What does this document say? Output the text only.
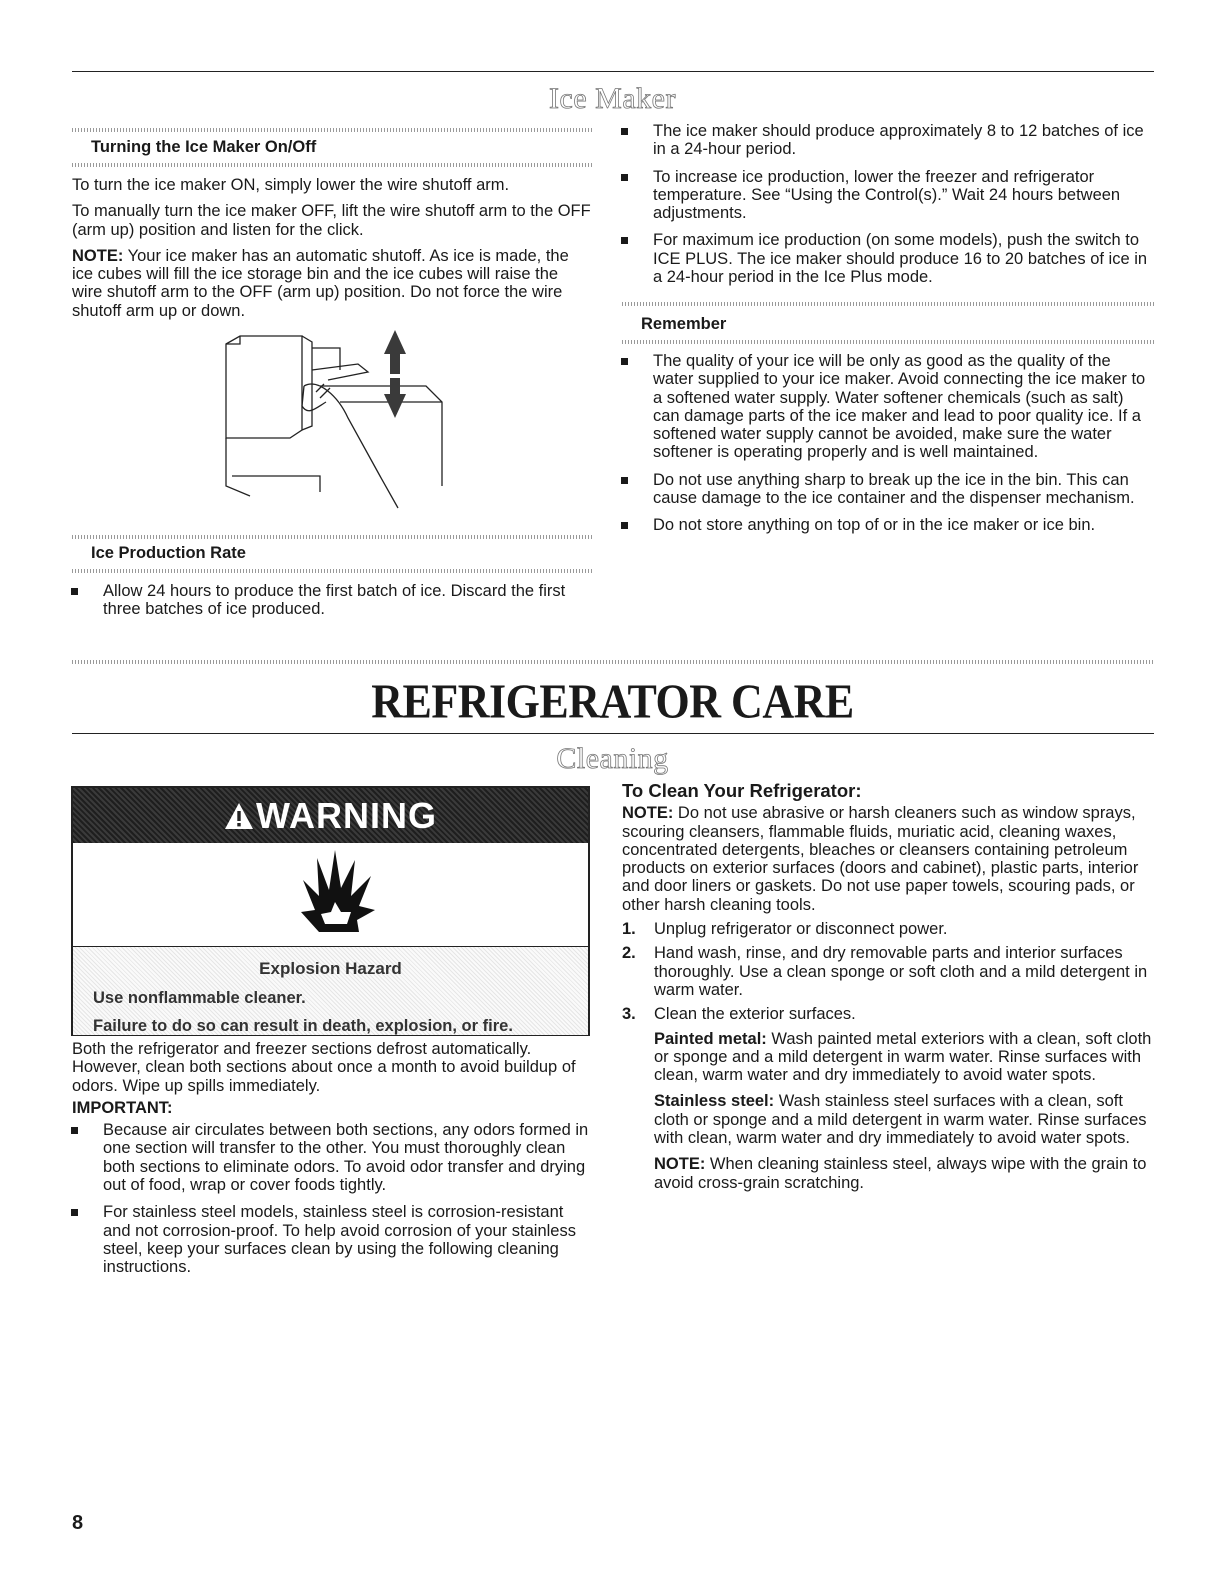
Ice Maker
Turning the Ice Maker On/Off

To turn the ice maker ON, simply lower the wire shutoff arm.

To manually turn the ice maker OFF, lift the wire shutoff arm to the OFF (arm up) position and listen for the click.

NOTE: Your ice maker has an automatic shutoff. As ice is made, the ice cubes will fill the ice storage bin and the ice cubes will raise the wire shutoff arm to the OFF (arm up) position. Do not force the wire shutoff arm up or down.

Ice Production Rate
Allow 24 hours to produce the first batch of ice. Discard the first three batches of ice produced.
The ice maker should produce approximately 8 to 12 batches of ice in a 24-hour period.
To increase ice production, lower the freezer and refrigerator temperature. See “Using the Control(s).” Wait 24 hours between adjustments.
For maximum ice production (on some models), push the switch to ICE PLUS. The ice maker should produce 16 to 20 batches of ice in a 24-hour period in the Ice Plus mode.
Remember
The quality of your ice will be only as good as the quality of the water supplied to your ice maker. Avoid connecting the ice maker to a softened water supply. Water softener chemicals (such as salt) can damage parts of the ice maker and lead to poor quality ice. If a softened water supply cannot be avoided, make sure the water softener is operating properly and is well maintained.
Do not use anything sharp to break up the ice in the bin. This can cause damage to the ice container and the dispenser mechanism.
Do not store anything on top of or in the ice maker or ice bin.
REFRIGERATOR CARE
Cleaning
WARNING
Explosion Hazard
Use nonflammable cleaner.
Failure to do so can result in death, explosion, or fire.

Both the refrigerator and freezer sections defrost automatically. However, clean both sections about once a month to avoid buildup of odors. Wipe up spills immediately.

IMPORTANT:
Because air circulates between both sections, any odors formed in one section will transfer to the other. You must thoroughly clean both sections to eliminate odors. To avoid odor transfer and drying out of food, wrap or cover foods tightly.
For stainless steel models, stainless steel is corrosion-resistant and not corrosion-proof. To help avoid corrosion of your stainless steel, keep your surfaces clean by using the following cleaning instructions.
To Clean Your Refrigerator:

NOTE: Do not use abrasive or harsh cleaners such as window sprays, scouring cleansers, flammable fluids, muriatic acid, cleaning waxes, concentrated detergents, bleaches or cleansers containing petroleum products on exterior surfaces (doors and cabinet), plastic parts, interior and door liners or gaskets. Do not use paper towels, scouring pads, or other harsh cleaning tools.

1. Unplug refrigerator or disconnect power.
2. Hand wash, rinse, and dry removable parts and interior surfaces thoroughly. Use a clean sponge or soft cloth and a mild detergent in warm water.
3. Clean the exterior surfaces.

Painted metal: Wash painted metal exteriors with a clean, soft cloth or sponge and a mild detergent in warm water. Rinse surfaces with clean, warm water and dry immediately to avoid water spots.

Stainless steel: Wash stainless steel surfaces with a clean, soft cloth or sponge and a mild detergent in warm water. Rinse surfaces with clean, warm water and dry immediately to avoid water spots.

NOTE: When cleaning stainless steel, always wipe with the grain to avoid cross-grain scratching.

8
